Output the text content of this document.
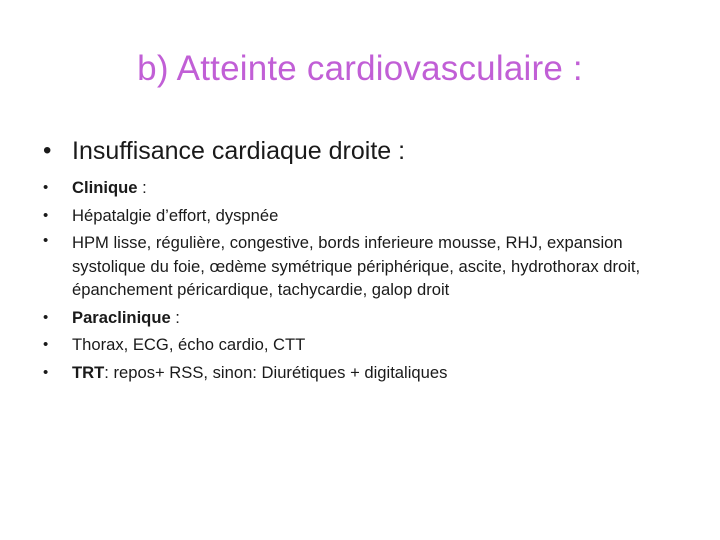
b) Atteinte cardiovasculaire :
• Insuffisance cardiaque droite :
• Clinique :
• Hépatalgie d’effort, dyspnée
• HPM lisse, régulière, congestive, bords inferieure mousse, RHJ, expansion systolique du foie, œdème symétrique périphérique, ascite, hydrothorax droit, épanchement péricardique, tachycardie, galop droit
• Paraclinique :
• Thorax, ECG, écho cardio, CTT
• TRT: repos+ RSS, sinon: Diurétiques + digitaliques
